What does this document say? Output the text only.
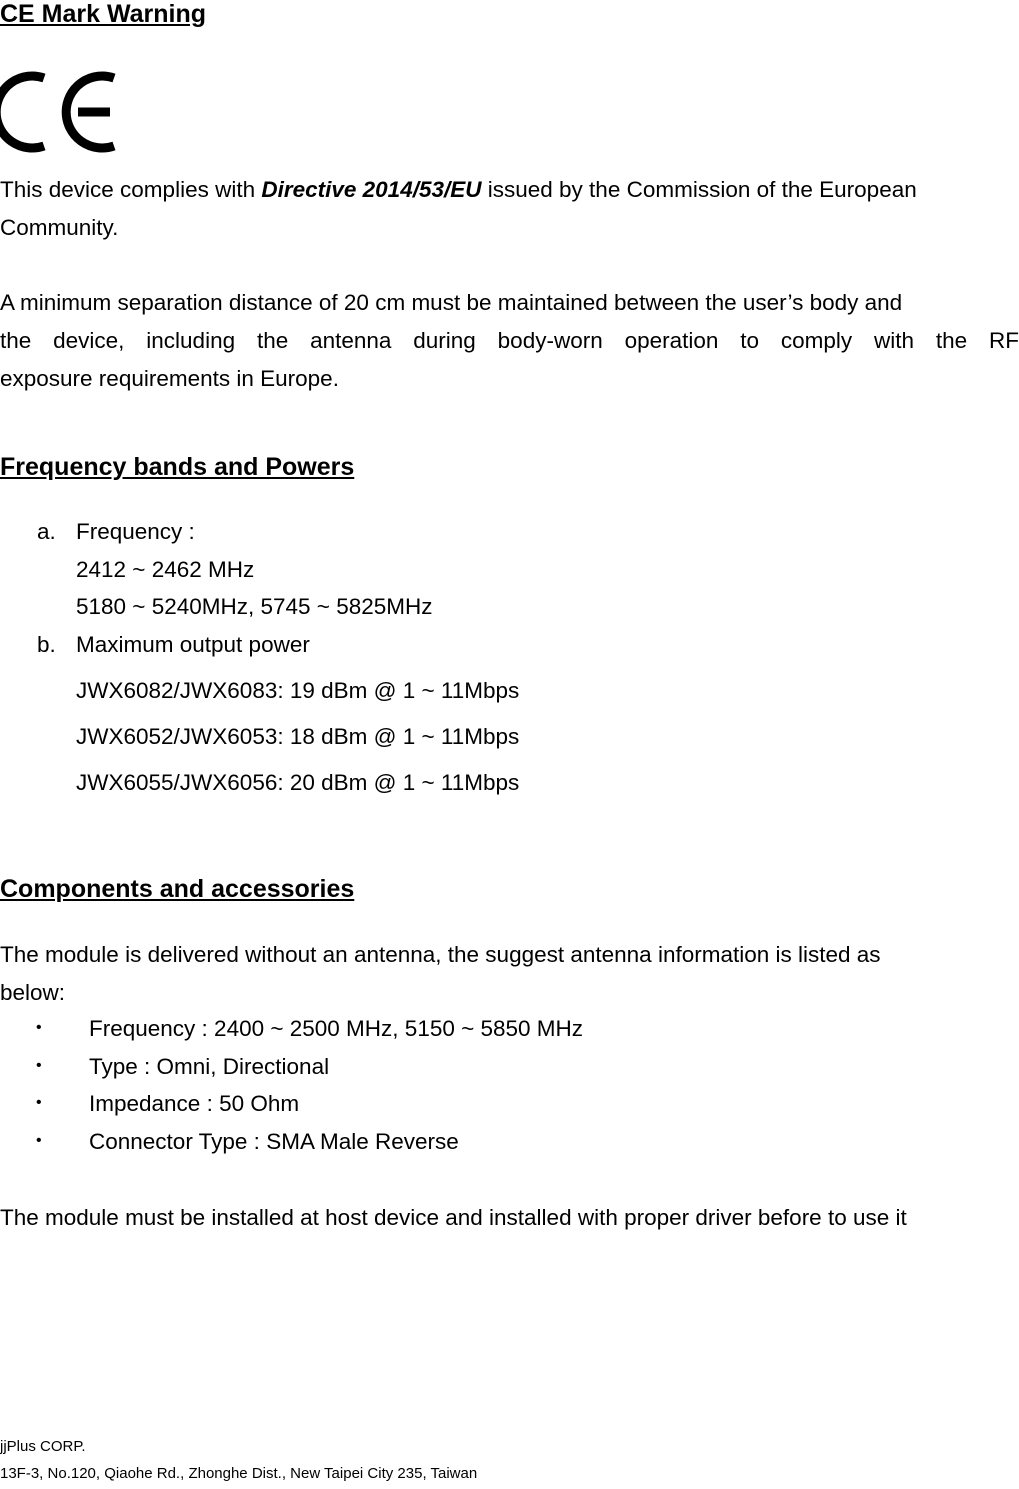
CE Mark Warning
This device complies with Directive 2014/53/EU issued by the Commission of the European
Community.
A minimum separation distance of 20 cm must be maintained between the user’s body and
the device, including the antenna during body-worn operation to comply with the RF
exposure requirements in Europe.
Frequency bands and Powers
a. Frequency :
2412 ~ 2462 MHz
5180 ~ 5240MHz, 5745 ~ 5825MHz
b. Maximum output power
JWX6082/JWX6083: 19 dBm @ 1 ~ 11Mbps
JWX6052/JWX6053: 18 dBm @ 1 ~ 11Mbps
JWX6055/JWX6056: 20 dBm @ 1 ~ 11Mbps
Components and accessories
The module is delivered without an antenna, the suggest antenna information is listed as
below:
• Frequency : 2400 ~ 2500 MHz, 5150 ~ 5850 MHz
• Type : Omni, Directional
• Impedance : 50 Ohm
• Connector Type : SMA Male Reverse
The module must be installed at host device and installed with proper driver before to use it
jjPlus CORP.
13F-3, No.120, Qiaohe Rd., Zhonghe Dist., New Taipei City 235, Taiwan
